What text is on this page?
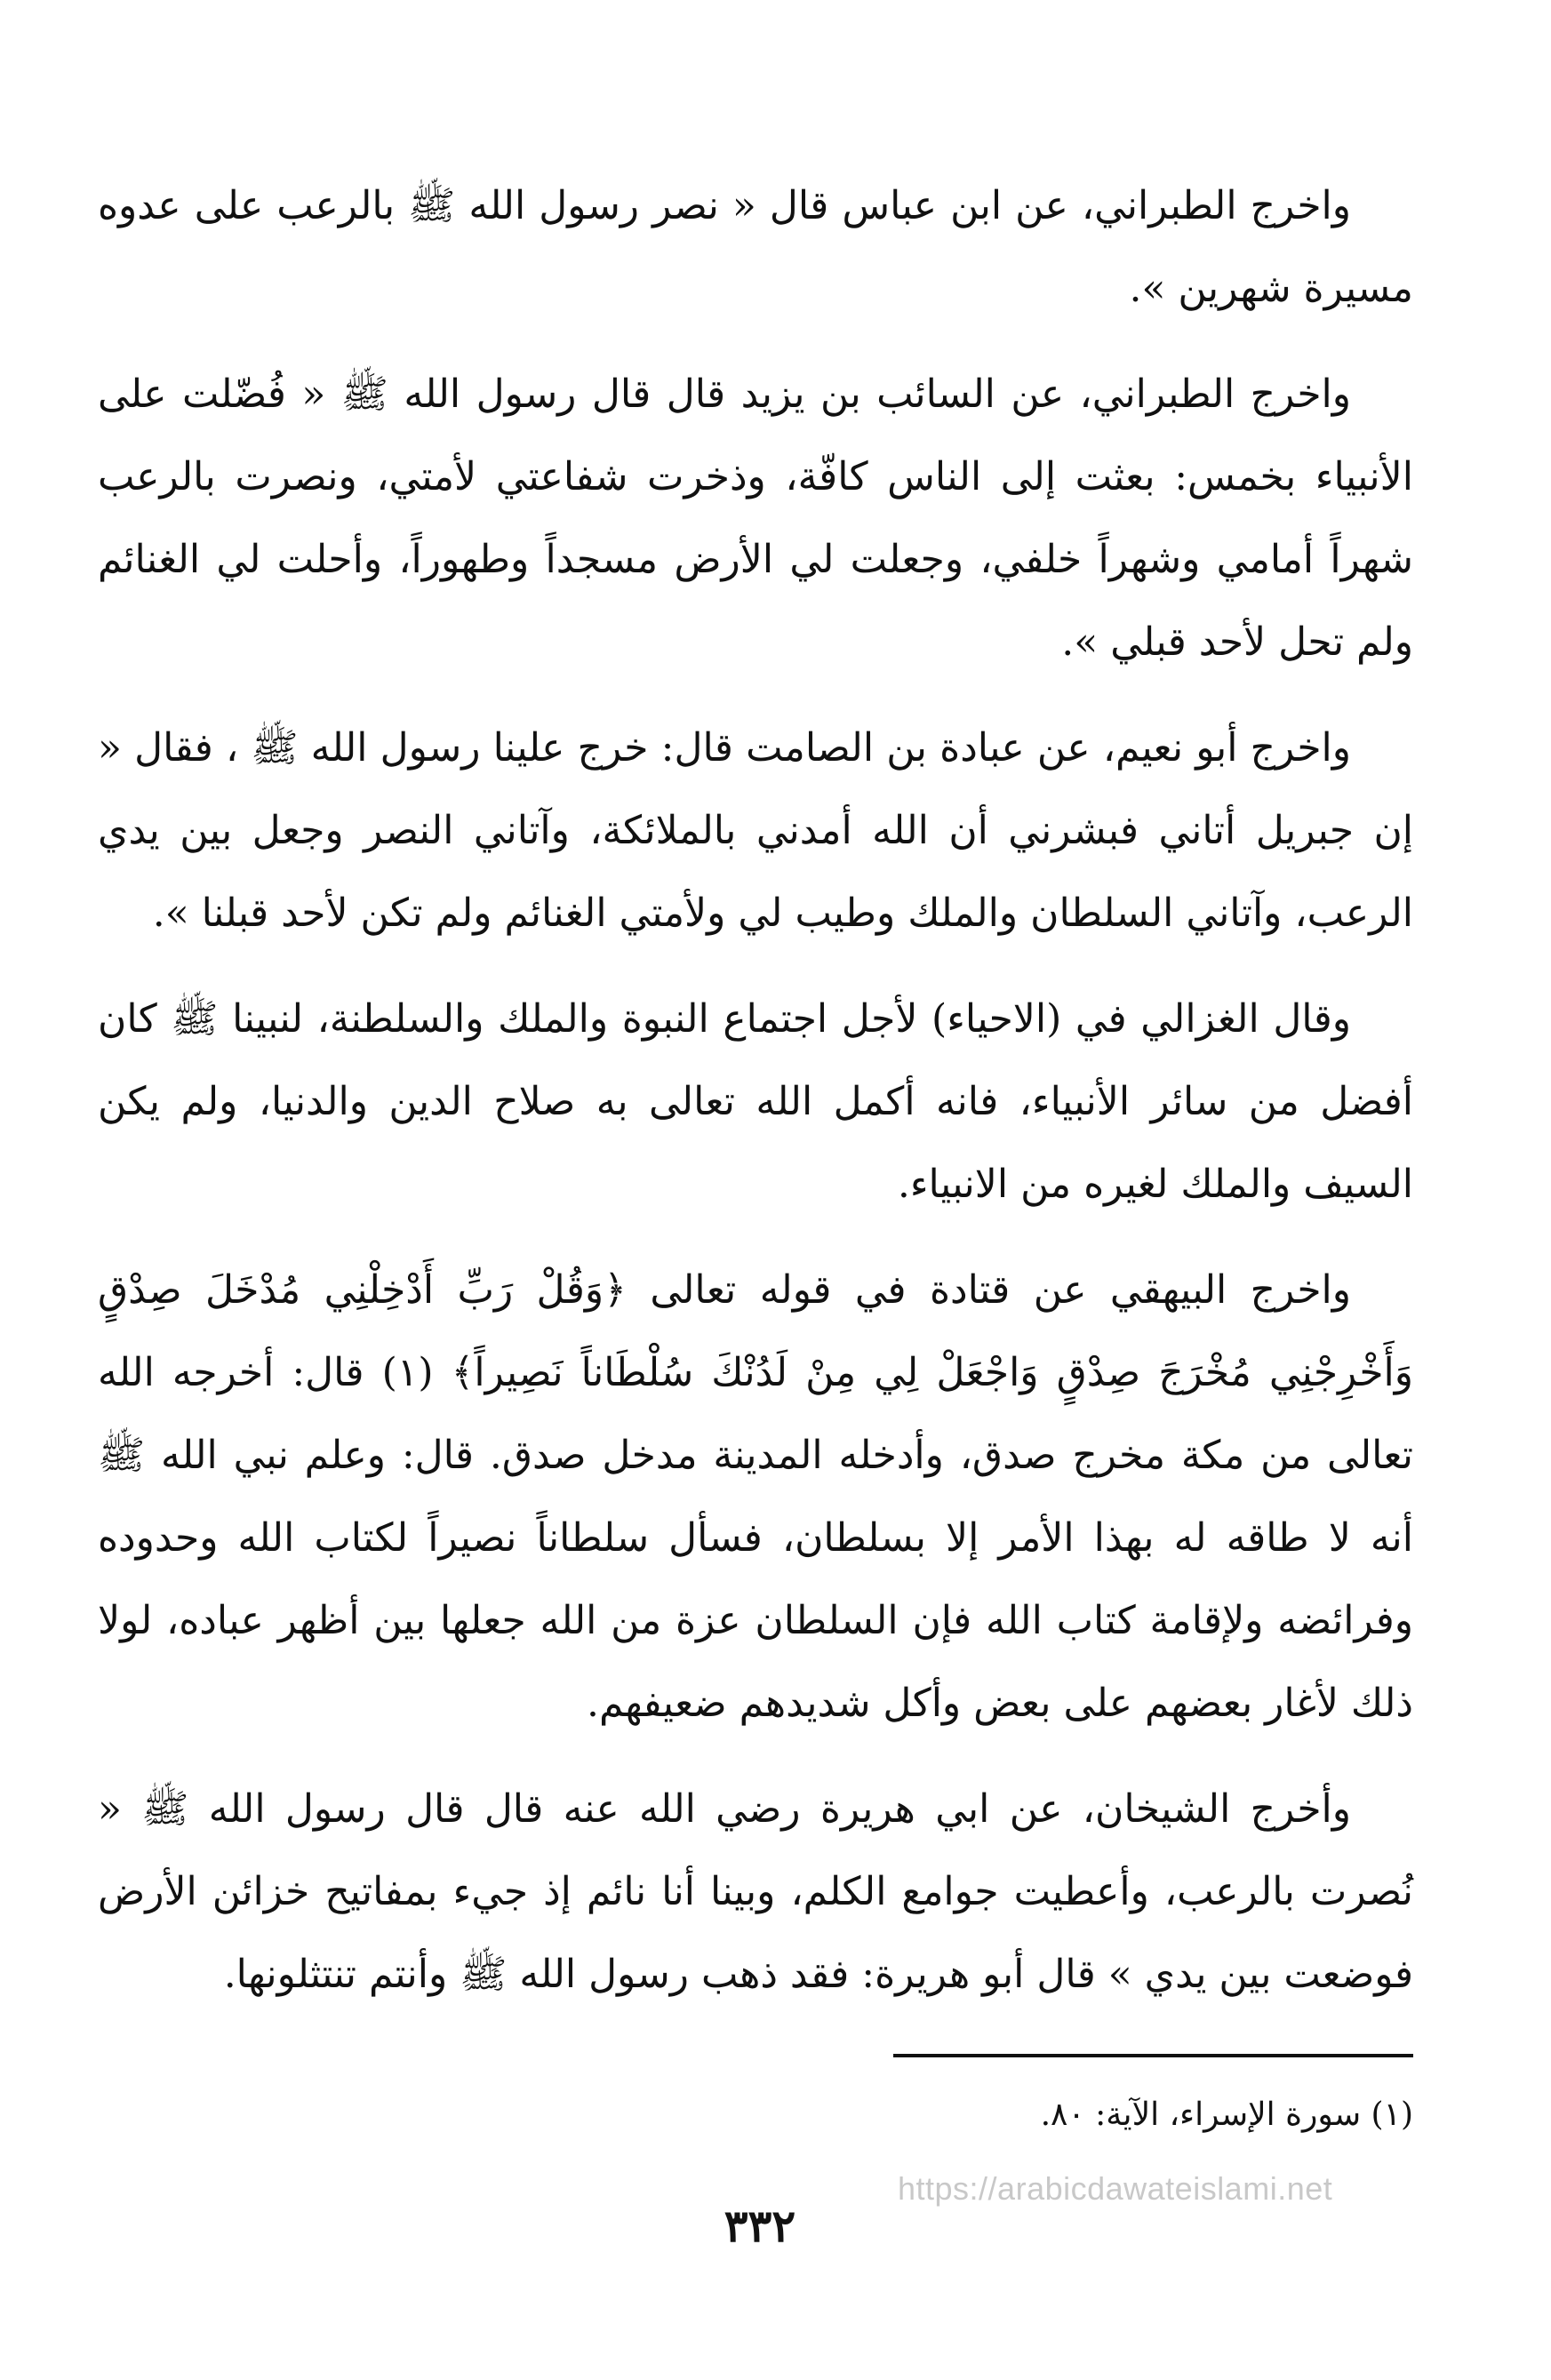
واخرج الطبراني، عن ابن عباس قال « نصر رسول الله ﷺ بالرعب على عدوه مسيرة شهرين ».

واخرج الطبراني، عن السائب بن يزيد قال قال رسول الله ﷺ « فُضّلت على الأنبياء بخمس: بعثت إلى الناس كافّة، وذخرت شفاعتي لأمتي، ونصرت بالرعب شهراً أمامي وشهراً خلفي، وجعلت لي الأرض مسجداً وطهوراً، وأحلت لي الغنائم ولم تحل لأحد قبلي ».

واخرج أبو نعيم، عن عبادة بن الصامت قال: خرج علينا رسول الله ﷺ ، فقال « إن جبريل أتاني فبشرني أن الله أمدني بالملائكة، وآتاني النصر وجعل بين يدي الرعب، وآتاني السلطان والملك وطيب لي ولأمتي الغنائم ولم تكن لأحد قبلنا ».

وقال الغزالي في (الاحياء) لأجل اجتماع النبوة والملك والسلطنة، لنبينا ﷺ كان أفضل من سائر الأنبياء، فانه أكمل الله تعالى به صلاح الدين والدنيا، ولم يكن السيف والملك لغيره من الانبياء.

واخرج البيهقي عن قتادة في قوله تعالى ﴿وَقُلْ رَبِّ أَدْخِلْنِي مُدْخَلَ صِدْقٍ وَأَخْرِجْنِي مُخْرَجَ صِدْقٍ وَاجْعَلْ لِي مِنْ لَدُنْكَ سُلْطَاناً نَصِيراً﴾ (١) قال: أخرجه الله تعالى من مكة مخرج صدق، وأدخله المدينة مدخل صدق. قال: وعلم نبي الله ﷺ أنه لا طاقه له بهذا الأمر إلا بسلطان، فسأل سلطاناً نصيراً لكتاب الله وحدوده وفرائضه ولإقامة كتاب الله فإن السلطان عزة من الله جعلها بين أظهر عباده، لولا ذلك لأغار بعضهم على بعض وأكل شديدهم ضعيفهم.

وأخرج الشيخان، عن ابي هريرة رضي الله عنه قال قال رسول الله ﷺ « نُصرت بالرعب، وأعطيت جوامع الكلم، وبينا أنا نائم إذ جيء بمفاتيح خزائن الأرض فوضعت بين يدي » قال أبو هريرة: فقد ذهب رسول الله ﷺ وأنتم تنتثلونها.

(١) سورة الإسراء، الآية: ٨٠.
https://arabicdawateislami.net
٣٣٢
